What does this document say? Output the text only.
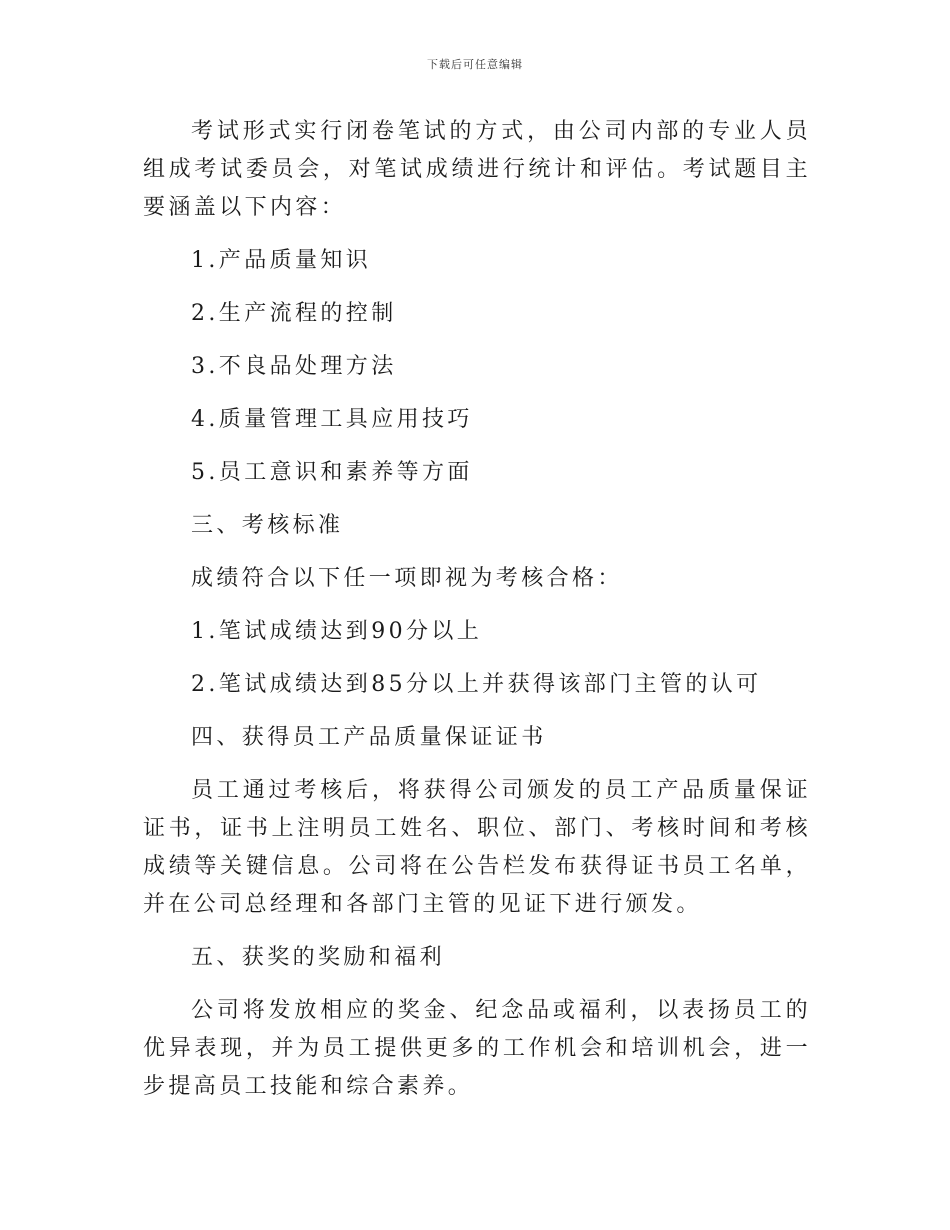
下载后可任意编辑

考试形式实行闭卷笔试的方式，由公司内部的专业人员组成考试委员会，对笔试成绩进行统计和评估。考试题目主要涵盖以下内容：

1.产品质量知识

2.生产流程的控制

3.不良品处理方法

4.质量管理工具应用技巧

5.员工意识和素养等方面

三、考核标准

成绩符合以下任一项即视为考核合格：

1.笔试成绩达到90分以上

2.笔试成绩达到85分以上并获得该部门主管的认可

四、获得员工产品质量保证证书

员工通过考核后，将获得公司颁发的员工产品质量保证证书，证书上注明员工姓名、职位、部门、考核时间和考核成绩等关键信息。公司将在公告栏发布获得证书员工名单，并在公司总经理和各部门主管的见证下进行颁发。

五、获奖的奖励和福利

公司将发放相应的奖金、纪念品或福利，以表扬员工的优异表现，并为员工提供更多的工作机会和培训机会，进一步提高员工技能和综合素养。
